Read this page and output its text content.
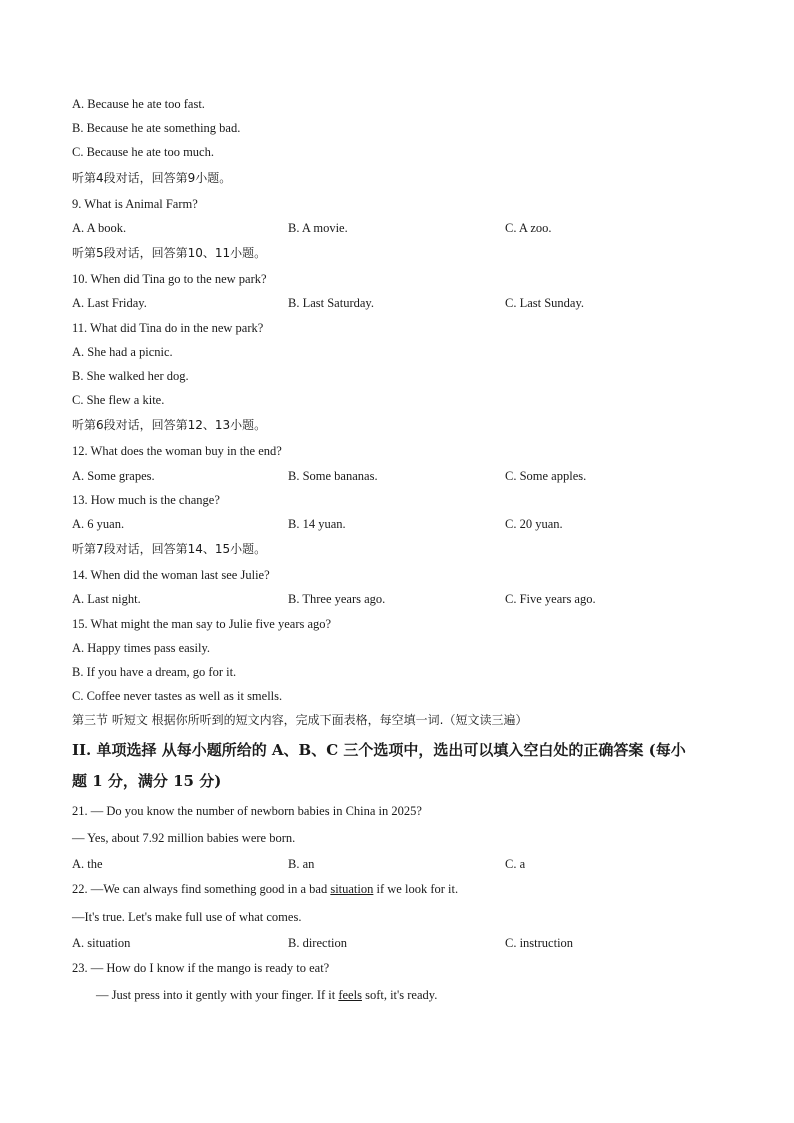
A. Because he ate too fast.
B. Because he ate something bad.
C. Because he ate too much.
听第4段对话，回答第9小题。
9. What is Animal Farm?
A. A book.	B. A movie.	C. A zoo.
听第5段对话，回答第10、11小题。
10. When did Tina go to the new park?
A. Last Friday.	B. Last Saturday.	C. Last Sunday.
11. What did Tina do in the new park?
A. She had a picnic.
B. She walked her dog.
C. She flew a kite.
听第6段对话，回答第12、13小题。
12. What does the woman buy in the end?
A. Some grapes.	B. Some bananas.	C. Some apples.
13. How much is the change?
A. 6 yuan.	B. 14 yuan.	C. 20 yuan.
听第7段对话，回答第14、15小题。
14. When did the woman last see Julie?
A. Last night.	B. Three years ago.	C. Five years ago.
15. What might the man say to Julie five years ago?
A. Happy times pass easily.
B. If you have a dream, go for it.
C. Coffee never tastes as well as it smells.
第三节 听短文 根据你所听到的短文内容，完成下面表格，每空填一词.（短文读三遍）
II. 单项选择 从每小题所给的 A、B、C 三个选项中，选出可以填入空白处的正确答案 (每小
题 1 分，满分 15 分)
21. — Do you know the number of newborn babies in China in 2025?
— Yes, about 7.92 million babies were born.
A. the	B. an	C. a
22. —We can always find something good in a bad situation if we look for it.
—It's true. Let's make full use of what comes.
A. situation	B. direction	C. instruction
23. — How do I know if the mango is ready to eat?
— Just press into it gently with your finger. If it feels soft, it's ready.
